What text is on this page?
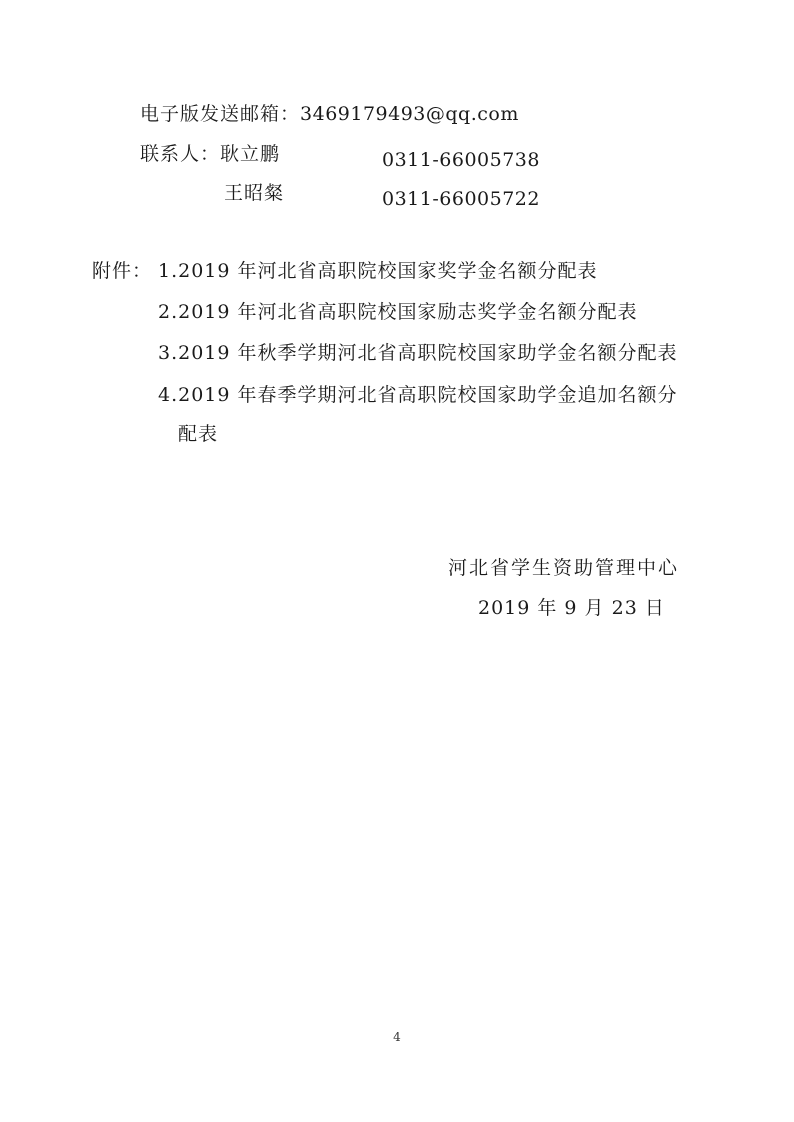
电子版发送邮箱：3469179493@qq.com
联系人：耿立鹏	0311-66005738
王昭粲	0311-66005722
附件： 1.2019 年河北省高职院校国家奖学金名额分配表
2.2019 年河北省高职院校国家励志奖学金名额分配表
3.2019 年秋季学期河北省高职院校国家助学金名额分配表
4.2019 年春季学期河北省高职院校国家助学金追加名额分
配表
河北省学生资助管理中心
2019 年 9 月 23 日
4
